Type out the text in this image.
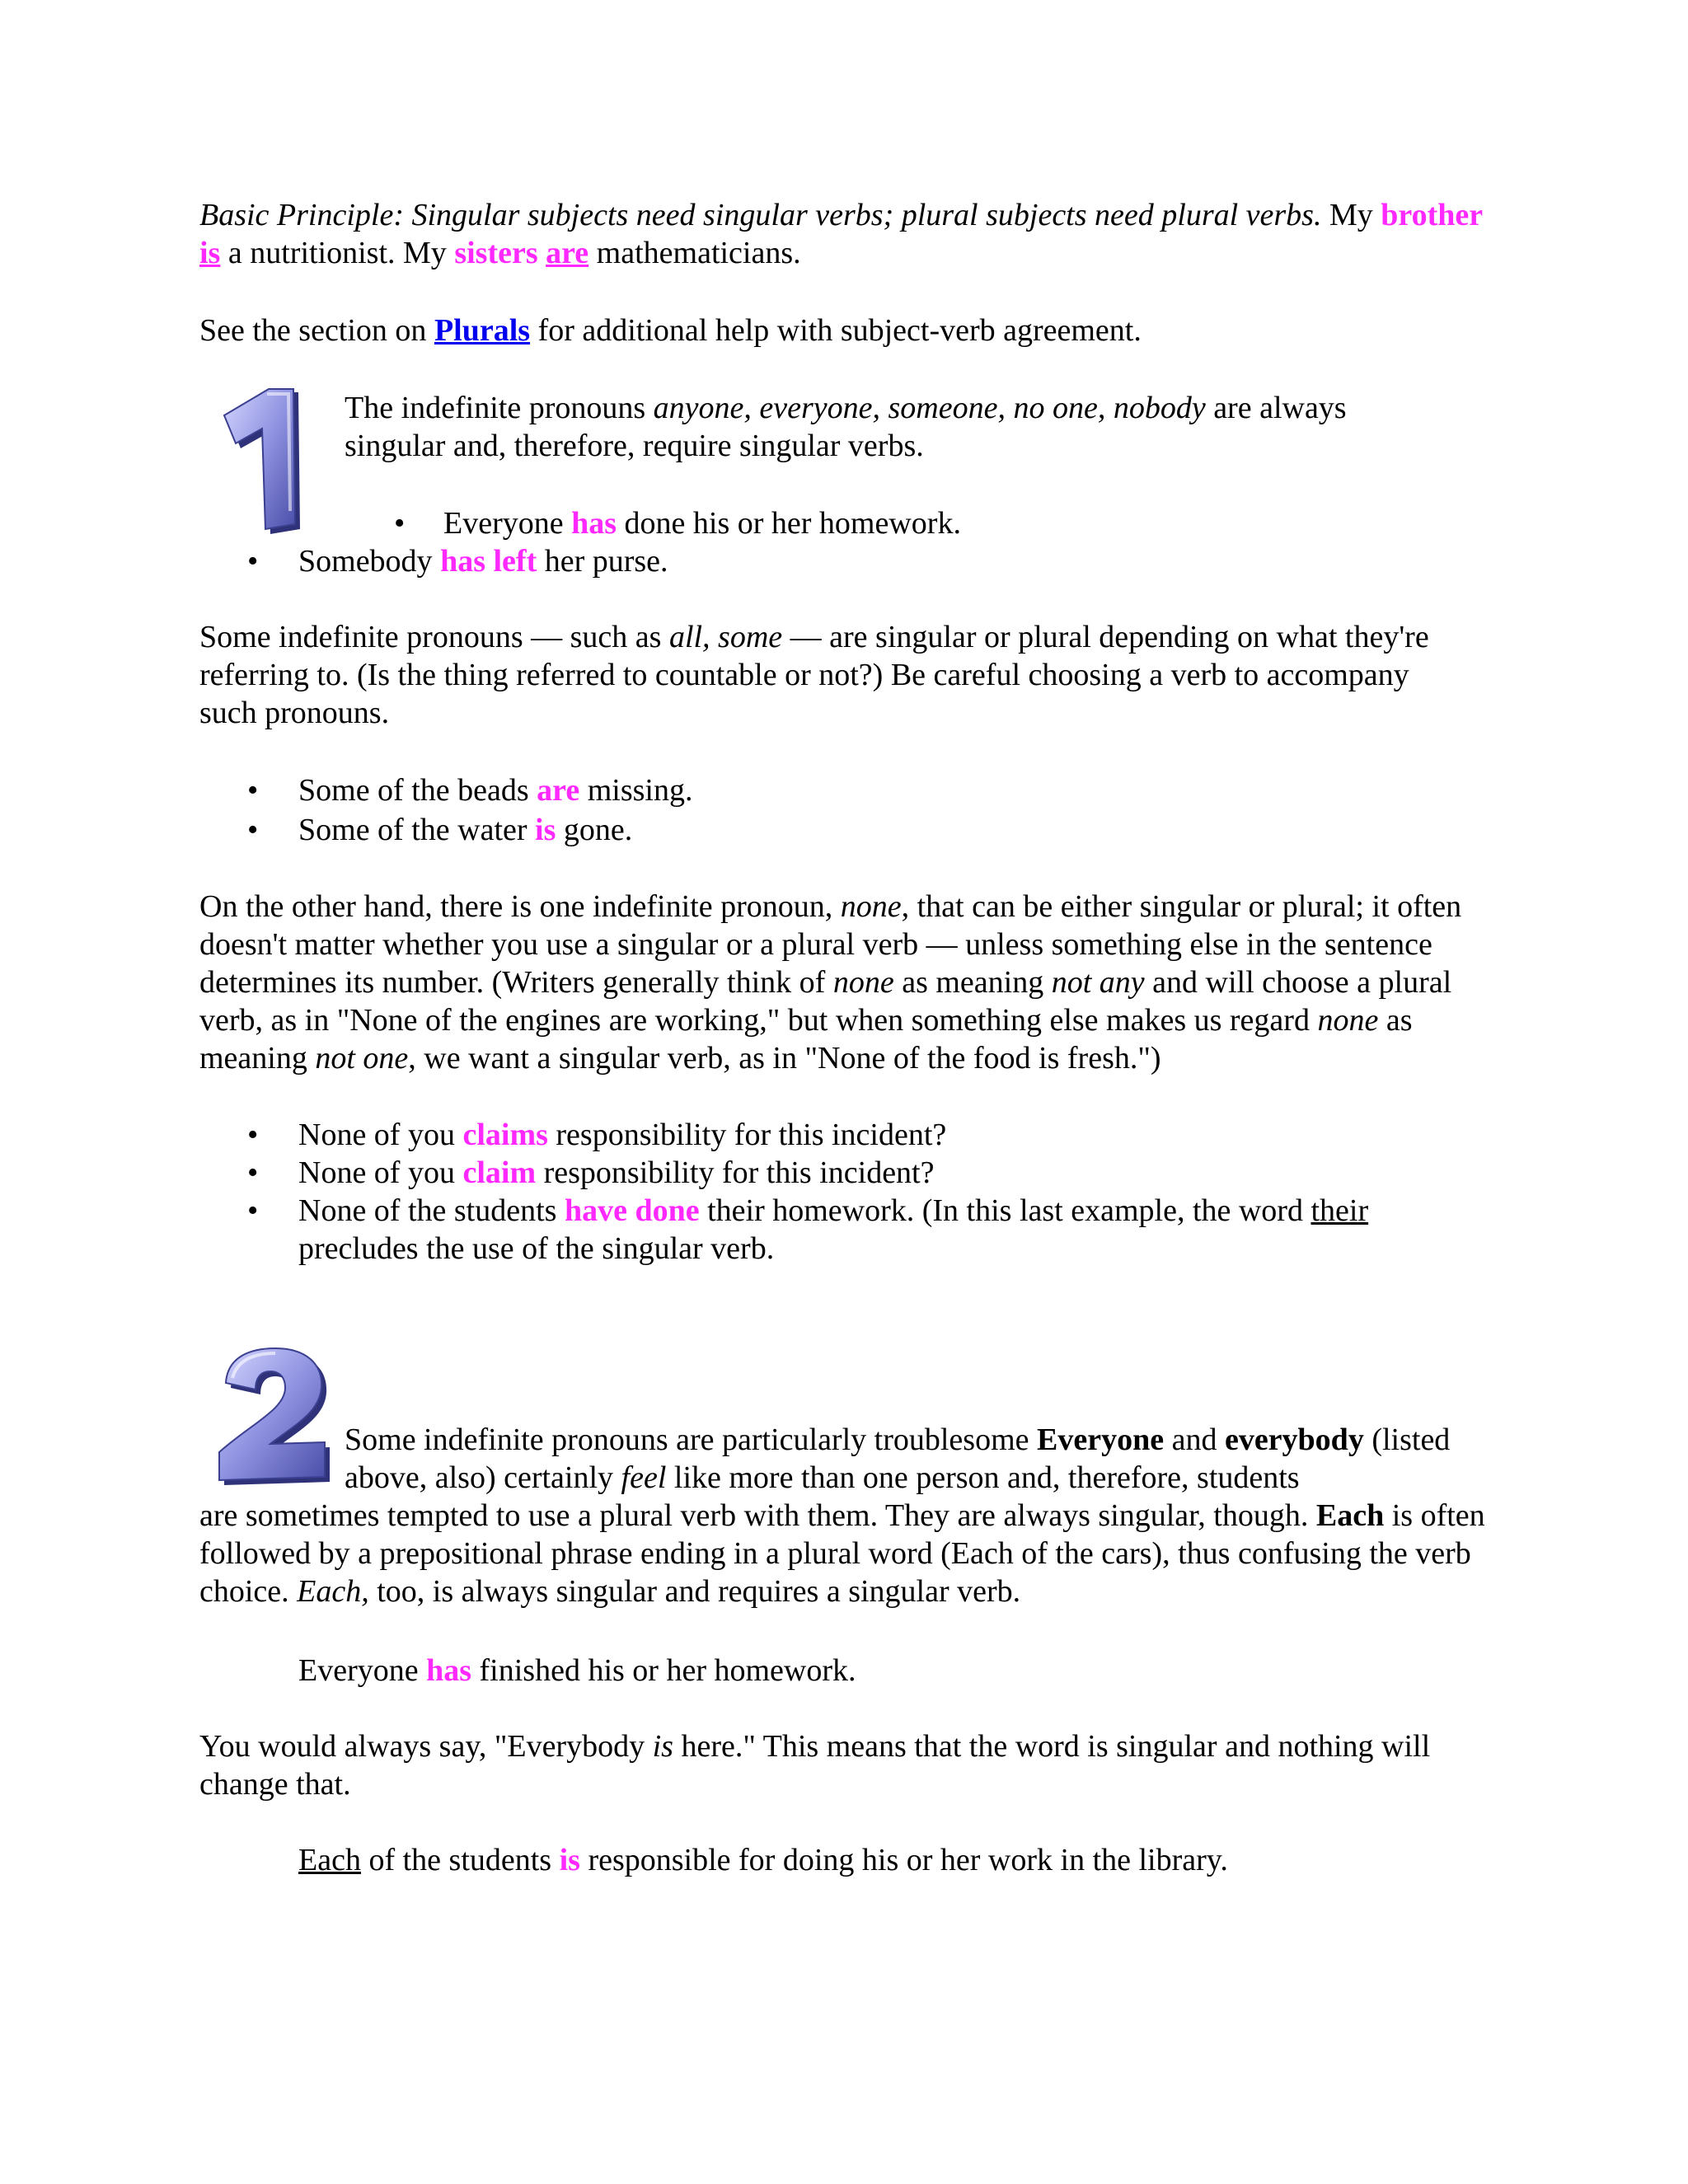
Basic Principle: Singular subjects need singular verbs; plural subjects need plural verbs. My brother is a nutritionist. My sisters are mathematicians.

See the section on Plurals for additional help with subject-verb agreement.

The indefinite pronouns anyone, everyone, someone, no one, nobody are always singular and, therefore, require singular verbs.

• Everyone has done his or her homework.
• Somebody has left her purse.

Some indefinite pronouns — such as all, some — are singular or plural depending on what they're referring to. (Is the thing referred to countable or not?) Be careful choosing a verb to accompany such pronouns.

• Some of the beads are missing.
• Some of the water is gone.

On the other hand, there is one indefinite pronoun, none, that can be either singular or plural; it often doesn't matter whether you use a singular or a plural verb — unless something else in the sentence determines its number. (Writers generally think of none as meaning not any and will choose a plural verb, as in "None of the engines are working," but when something else makes us regard none as meaning not one, we want a singular verb, as in "None of the food is fresh.")

• None of you claims responsibility for this incident?
• None of you claim responsibility for this incident?
• None of the students have done their homework. (In this last example, the word their precludes the use of the singular verb.
Some indefinite pronouns are particularly troublesome Everyone and everybody (listed above, also) certainly feel like more than one person and, therefore, students
are sometimes tempted to use a plural verb with them. They are always singular, though. Each is often followed by a prepositional phrase ending in a plural word (Each of the cars), thus confusing the verb choice. Each, too, is always singular and requires a singular verb.

Everyone has finished his or her homework.

You would always say, "Everybody is here." This means that the word is singular and nothing will change that.

Each of the students is responsible for doing his or her work in the library.
